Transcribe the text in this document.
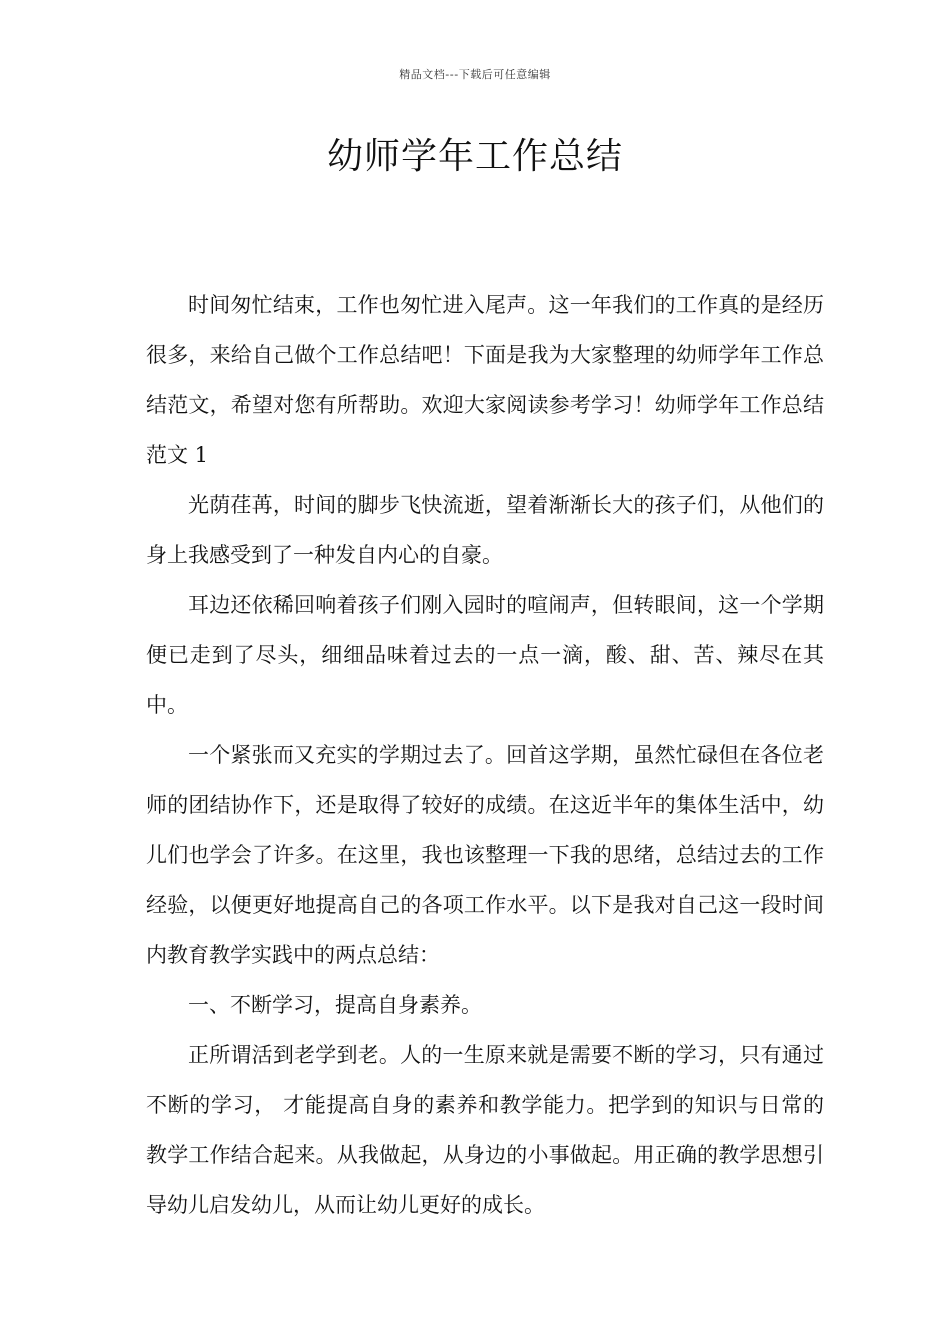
精品文档---下载后可任意编辑
幼师学年工作总结

时间匆忙结束，工作也匆忙进入尾声。这一年我们的工作真的是经历很多，来给自己做个工作总结吧！下面是我为大家整理的幼师学年工作总结范文，希望对您有所帮助。欢迎大家阅读参考学习！幼师学年工作总结范文 1

光荫荏苒，时间的脚步飞快流逝，望着渐渐长大的孩子们，从他们的身上我感受到了一种发自内心的自豪。

耳边还依稀回响着孩子们刚入园时的喧闹声，但转眼间，这一个学期便已走到了尽头，细细品味着过去的一点一滴，酸、甜、苦、辣尽在其中。

一个紧张而又充实的学期过去了。回首这学期，虽然忙碌但在各位老师的团结协作下，还是取得了较好的成绩。在这近半年的集体生活中，幼儿们也学会了许多。在这里，我也该整理一下我的思绪，总结过去的工作经验，以便更好地提高自己的各项工作水平。以下是我对自己这一段时间内教育教学实践中的两点总结：

一、不断学习，提高自身素养。

正所谓活到老学到老。人的一生原来就是需要不断的学习，只有通过不断的学习， 才能提高自身的素养和教学能力。把学到的知识与日常的教学工作结合起来。从我做起，从身边的小事做起。用正确的教学思想引导幼儿启发幼儿，从而让幼儿更好的成长。
